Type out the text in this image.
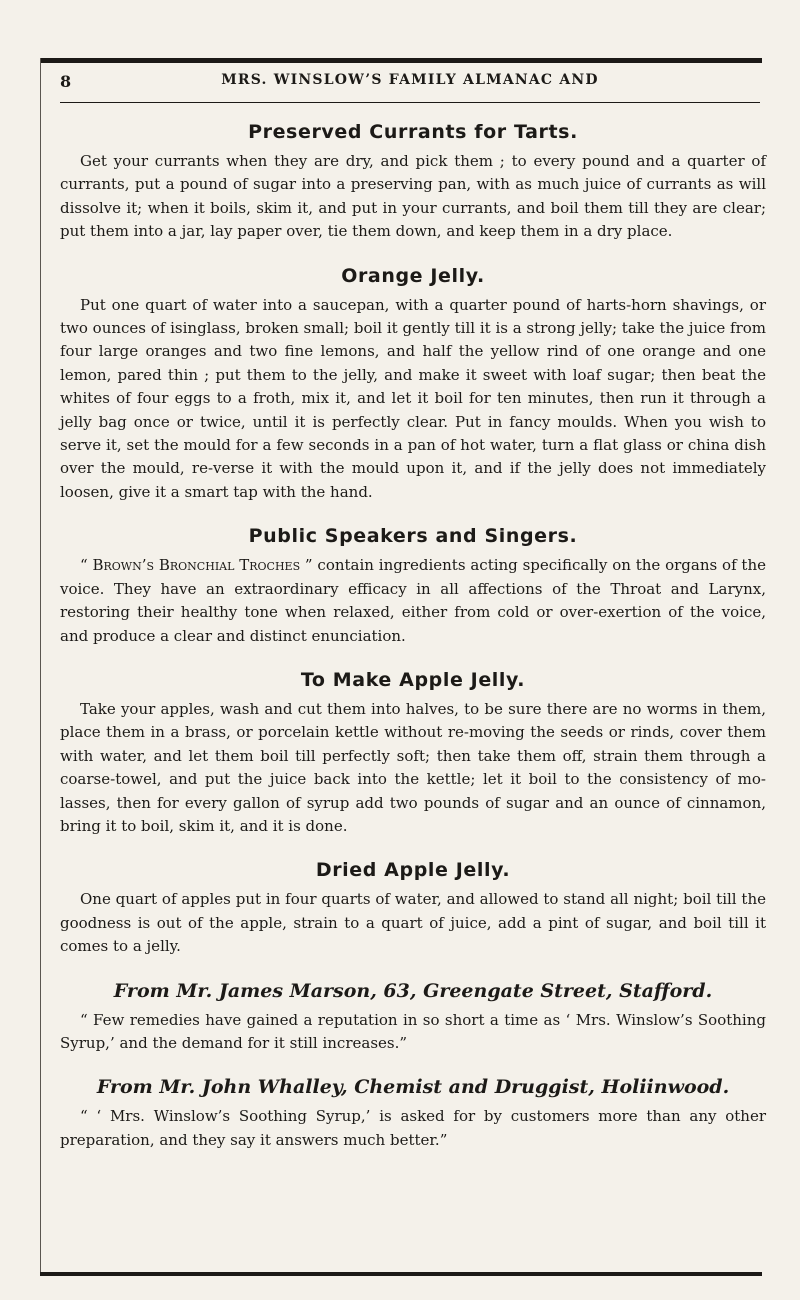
8	MRS. WINSLOW’S FAMILY ALMANAC AND
Preserved Currants for Tarts.

Get your currants when they are dry, and pick them ; to every pound and a quarter of currants, put a pound of sugar into a preserving pan, with as much juice of currants as will dissolve it; when it boils, skim it, and put in your currants, and boil them till they are clear; put them into a jar, lay paper over, tie them down, and keep them in a dry place.

Orange Jelly.

Put one quart of water into a saucepan, with a quarter pound of harts-horn shavings, or two ounces of isinglass, broken small; boil it gently till it is a strong jelly; take the juice from four large oranges and two fine lemons, and half the yellow rind of one orange and one lemon, pared thin ; put them to the jelly, and make it sweet with loaf sugar; then beat the whites of four eggs to a froth, mix it, and let it boil for ten minutes, then run it through a jelly bag once or twice, until it is perfectly clear. Put in fancy moulds. When you wish to serve it, set the mould for a few seconds in a pan of hot water, turn a flat glass or china dish over the mould, re-verse it with the mould upon it, and if the jelly does not immediately loosen, give it a smart tap with the hand.

Public Speakers and Singers.

“ Brown’s Bronchial Troches ” contain ingredients acting specifically on the organs of the voice. They have an extraordinary efficacy in all affections of the Throat and Larynx, restoring their healthy tone when relaxed, either from cold or over-exertion of the voice, and produce a clear and distinct enunciation.

To Make Apple Jelly.

Take your apples, wash and cut them into halves, to be sure there are no worms in them, place them in a brass, or porcelain kettle without re-moving the seeds or rinds, cover them with water, and let them boil till perfectly soft; then take them off, strain them through a coarse-towel, and put the juice back into the kettle; let it boil to the consistency of mo-lasses, then for every gallon of syrup add two pounds of sugar and an ounce of cinnamon, bring it to boil, skim it, and it is done.

Dried Apple Jelly.

One quart of apples put in four quarts of water, and allowed to stand all night; boil till the goodness is out of the apple, strain to a quart of juice, add a pint of sugar, and boil till it comes to a jelly.

From Mr. James Marson, 63, Greengate Street, Stafford.

“ Few remedies have gained a reputation in so short a time as ‘ Mrs. Winslow’s Soothing Syrup,’ and the demand for it still increases.”

From Mr. John Whalley, Chemist and Druggist, Holiinwood.

“ ‘ Mrs. Winslow’s Soothing Syrup,’ is asked for by customers more than any other preparation, and they say it answers much better.”
